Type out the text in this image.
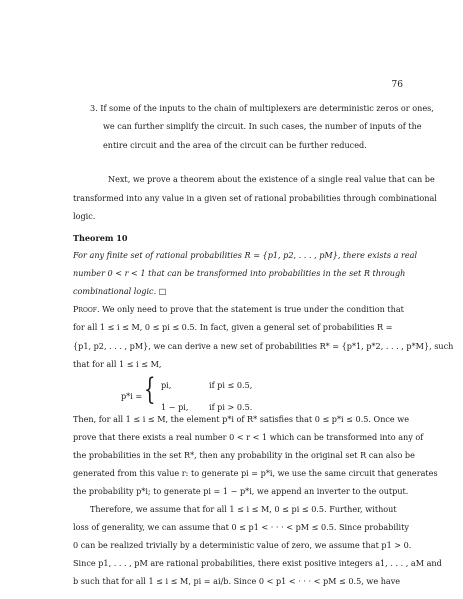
76
3. If some of the inputs to the chain of multiplexers are deterministic zeros or ones,
we can further simplify the circuit. In such cases, the number of inputs of the
entire circuit and the area of the circuit can be further reduced.
Next, we prove a theorem about the existence of a single real value that can be
transformed into any value in a given set of rational probabilities through combinational
logic.
Theorem 10
For any finite set of rational probabilities R = {p1, p2, . . . , pM}, there exists a real
number 0 < r < 1 that can be transformed into probabilities in the set R through
combinational logic. □
Proof. We only need to prove that the statement is true under the condition that
for all 1 ≤ i ≤ M, 0 ≤ pi ≤ 0.5. In fact, given a general set of probabilities R =
{p1, p2, . . . , pM}, we can derive a new set of probabilities R* = {p*1, p*2, . . . , p*M}, such
that for all 1 ≤ i ≤ M,
p*i = { pi,	if pi ≤ 0.5,
1 − pi,	if pi > 0.5.
Then, for all 1 ≤ i ≤ M, the element p*i of R* satisfies that 0 ≤ p*i ≤ 0.5. Once we
prove that there exists a real number 0 < r < 1 which can be transformed into any of
the probabilities in the set R*, then any probability in the original set R can also be
generated from this value r: to generate pi = p*i, we use the same circuit that generates
the probability p*i; to generate pi = 1 − p*i, we append an inverter to the output.
Therefore, we assume that for all 1 ≤ i ≤ M, 0 ≤ pi ≤ 0.5. Further, without
loss of generality, we can assume that 0 ≤ p1 < · · · < pM ≤ 0.5. Since probability
0 can be realized trivially by a deterministic value of zero, we assume that p1 > 0.
Since p1, . . . , pM are rational probabilities, there exist positive integers a1, . . . , aM and
b such that for all 1 ≤ i ≤ M, pi = ai/b. Since 0 < p1 < · · · < pM ≤ 0.5, we have
